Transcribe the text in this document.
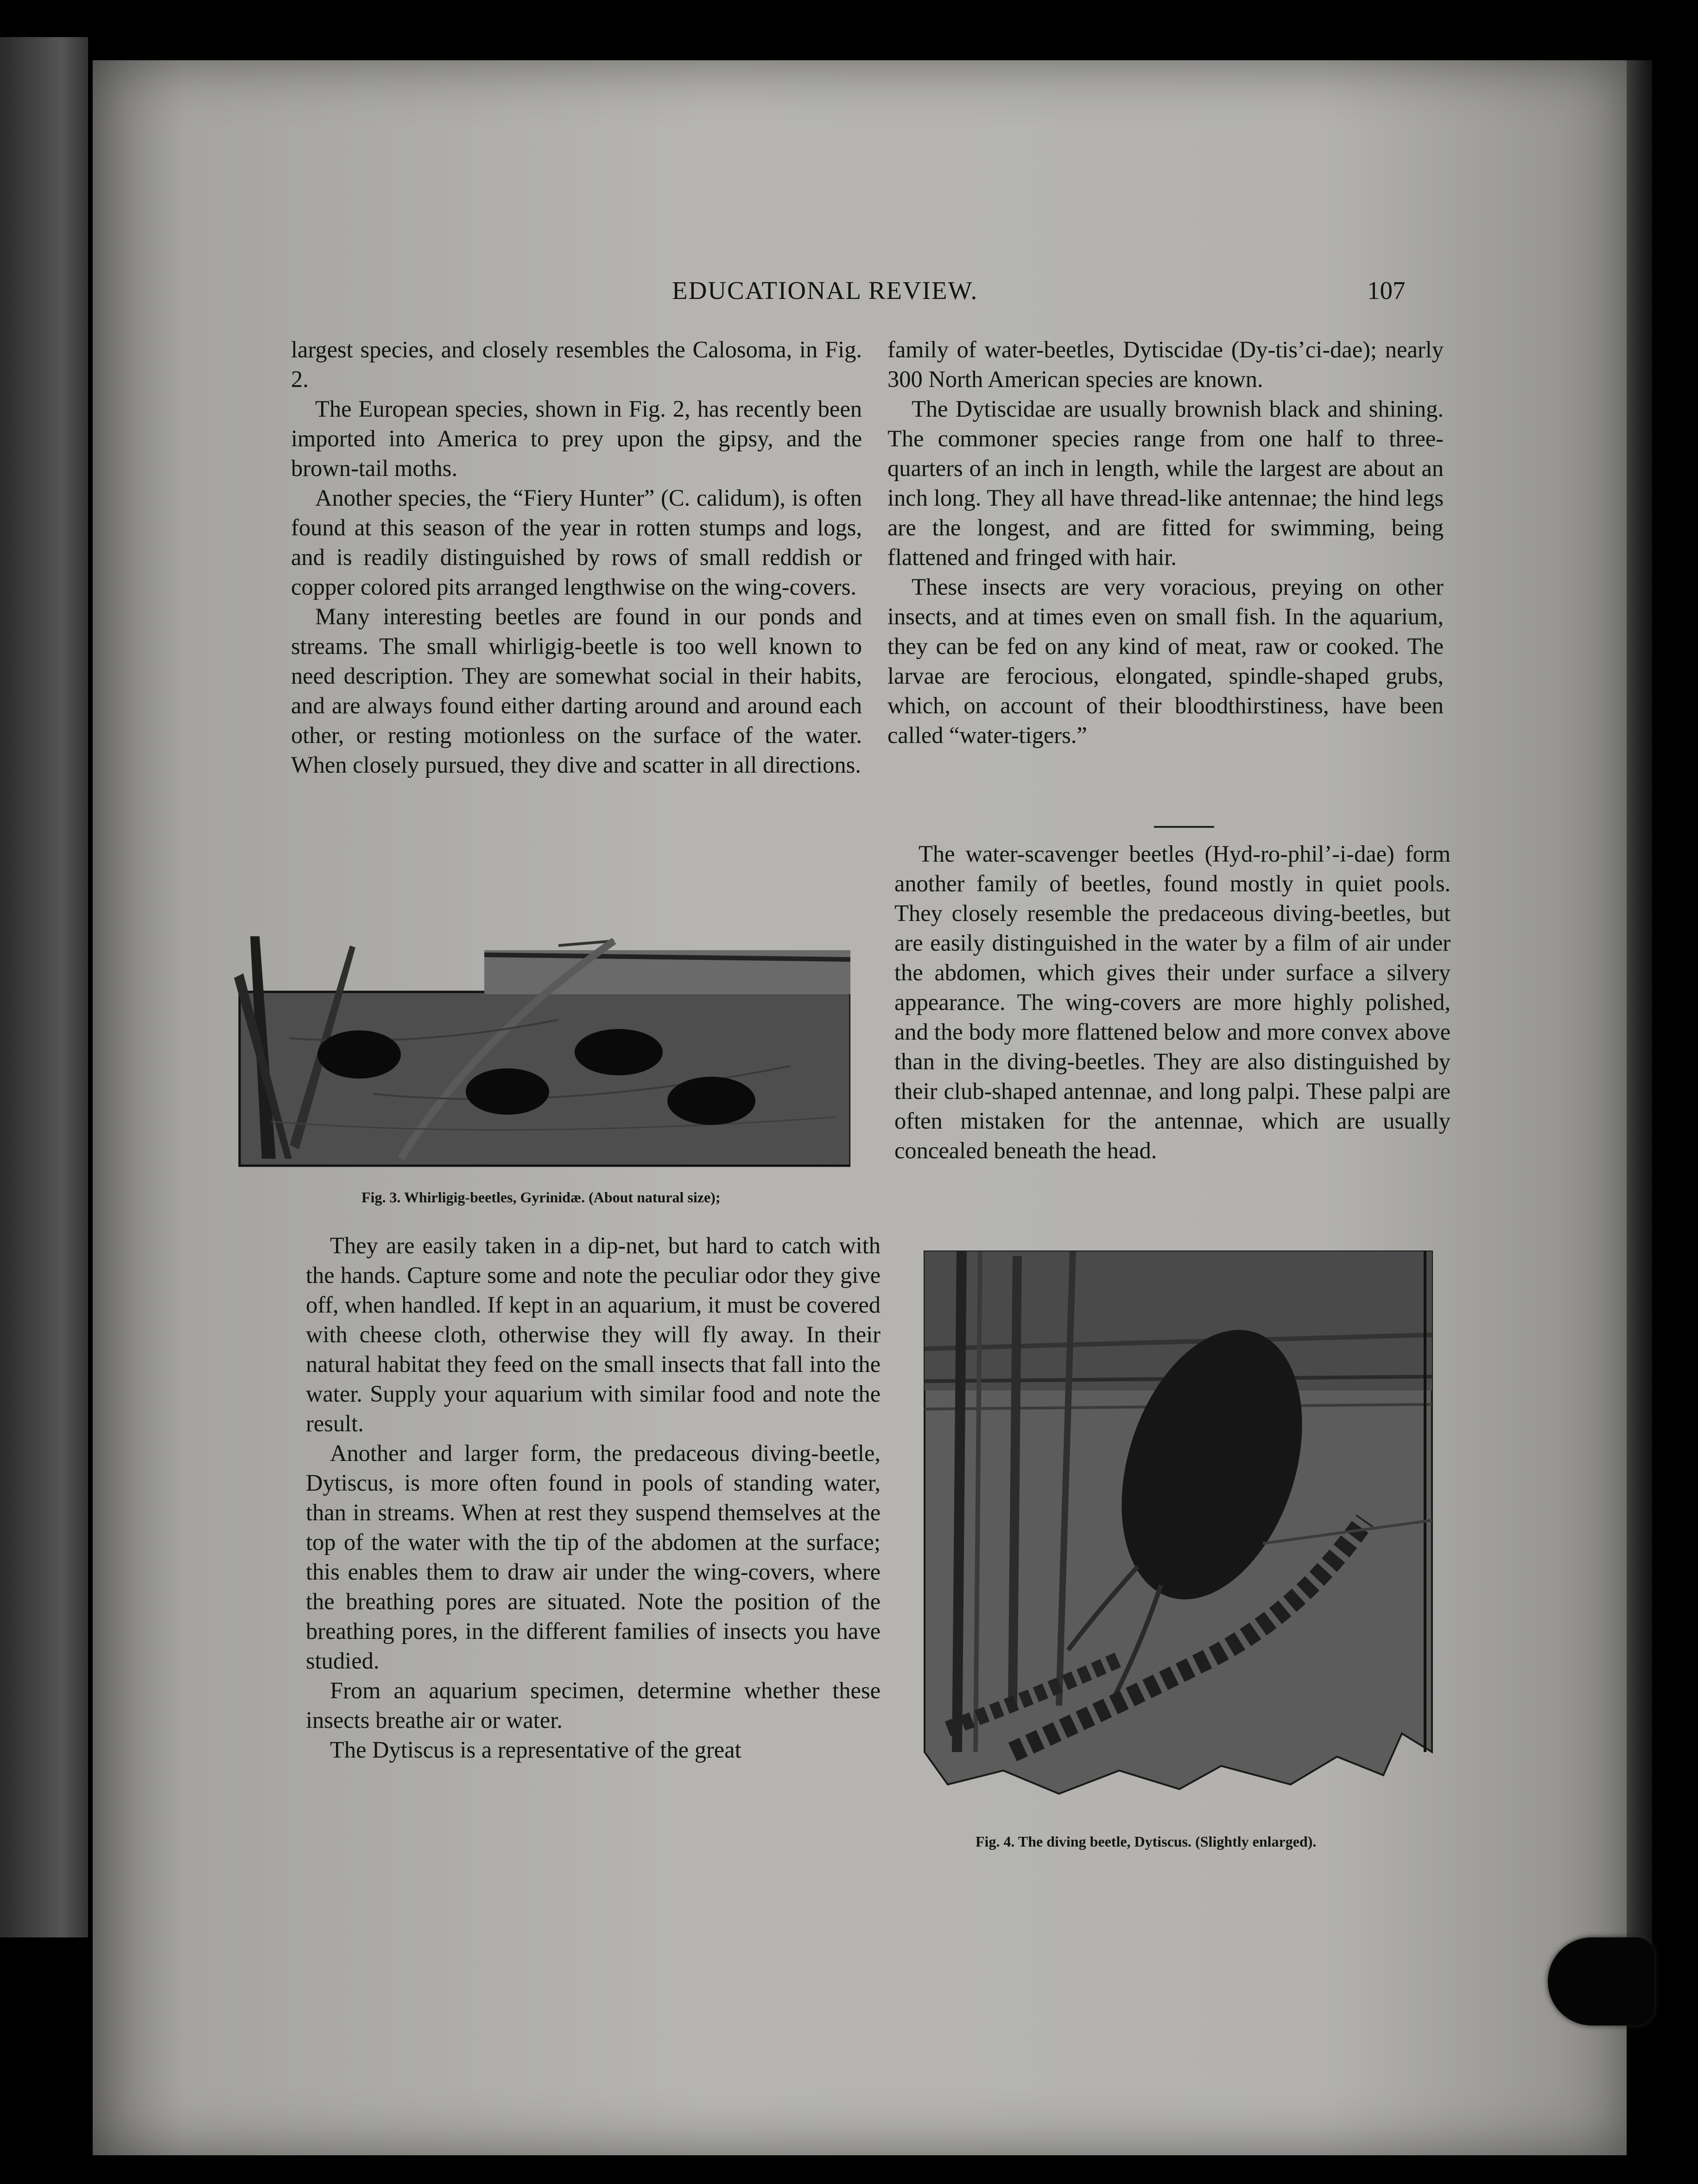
EDUCATIONAL REVIEW.	107

largest species, and closely resembles the Calosoma, in Fig. 2.

The European species, shown in Fig. 2, has recently been imported into America to prey upon the gipsy, and the brown-tail moths.

Another species, the “Fiery Hunter” (C. calidum), is often found at this season of the year in rotten stumps and logs, and is readily distinguished by rows of small reddish or copper colored pits arranged lengthwise on the wing-covers.

Many interesting beetles are found in our ponds and streams. The small whirligig-beetle is too well known to need description. They are somewhat social in their habits, and are always found either darting around and around each other, or resting motionless on the surface of the water. When closely pursued, they dive and scatter in all directions.

Fig. 3. Whirligig-beetles, Gyrinidæ. (About natural size);

They are easily taken in a dip-net, but hard to catch with the hands. Capture some and note the peculiar odor they give off, when handled. If kept in an aquarium, it must be covered with cheese cloth, otherwise they will fly away. In their natural habitat they feed on the small insects that fall into the water. Supply your aquarium with similar food and note the result.

Another and larger form, the predaceous diving-beetle, Dytiscus, is more often found in pools of standing water, than in streams. When at rest they suspend themselves at the top of the water with the tip of the abdomen at the surface; this enables them to draw air under the wing-covers, where the breathing pores are situated. Note the position of the breathing pores, in the different families of insects you have studied.

From an aquarium specimen, determine whether these insects breathe air or water.

The Dytiscus is a representative of the great

family of water-beetles, Dytiscidae (Dy-tis’ci-dae); nearly 300 North American species are known.

The Dytiscidae are usually brownish black and shining. The commoner species range from one half to three-quarters of an inch in length, while the largest are about an inch long. They all have thread-like antennae; the hind legs are the longest, and are fitted for swimming, being flattened and fringed with hair.

These insects are very voracious, preying on other insects, and at times even on small fish. In the aquarium, they can be fed on any kind of meat, raw or cooked. The larvae are ferocious, elongated, spindle-shaped grubs, which, on account of their bloodthirstiness, have been called “water-tigers.”

The water-scavenger beetles (Hyd-ro-phil’-i-dae) form another family of beetles, found mostly in quiet pools. They closely resemble the predaceous diving-beetles, but are easily distinguished in the water by a film of air under the abdomen, which gives their under surface a silvery appearance. The wing-covers are more highly polished, and the body more flattened below and more convex above than in the diving-beetles. They are also distinguished by their club-shaped antennae, and long palpi. These palpi are often mistaken for the antennae, which are usually concealed beneath the head.

Fig. 4. The diving beetle, Dytiscus. (Slightly enlarged).
